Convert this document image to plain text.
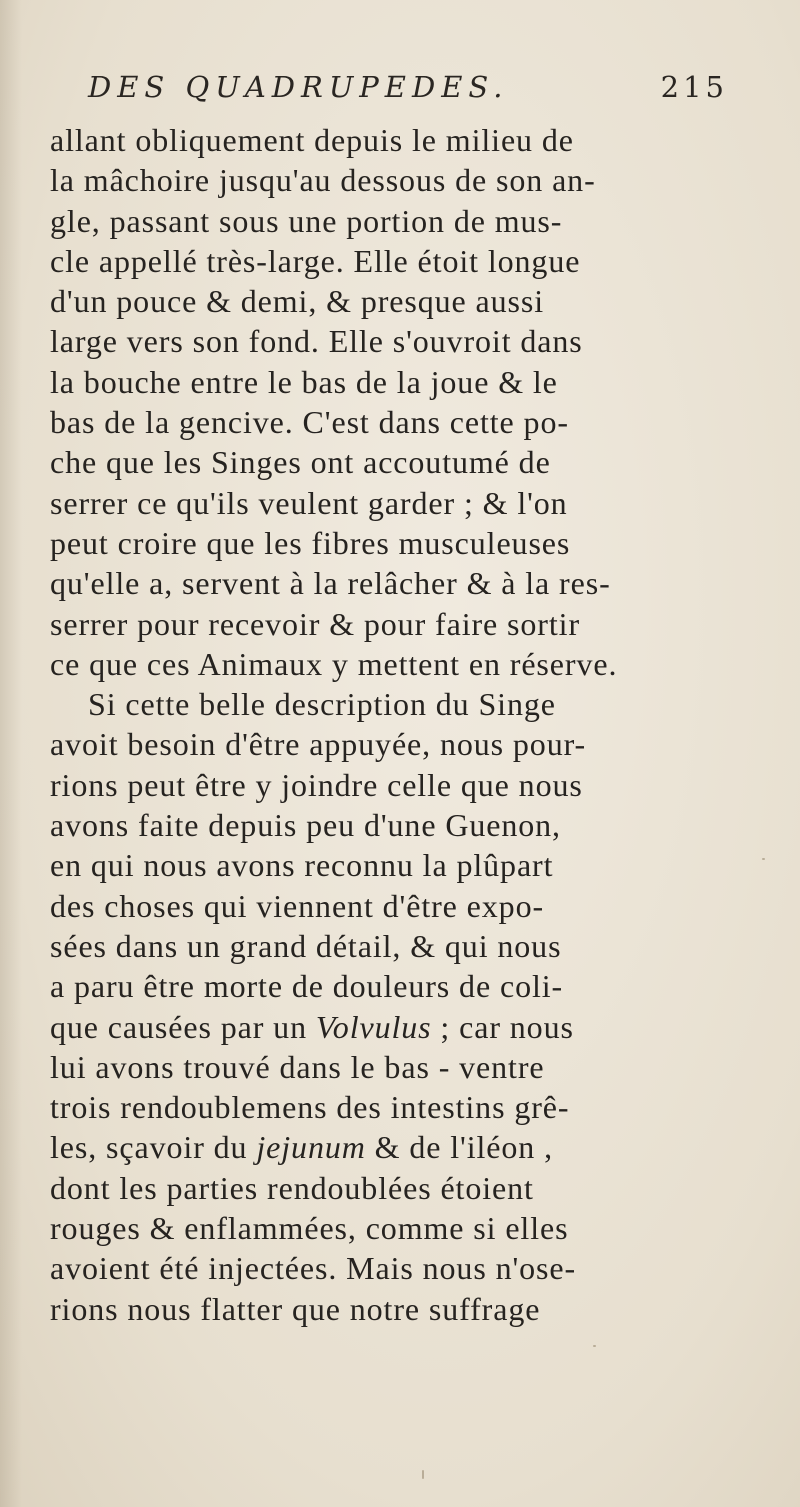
DES QUADRUPEDES.	215
allant obliquement depuis le milieu de
la mâchoire jusqu'au dessous de son an-
gle, passant sous une portion de mus-
cle appellé très-large. Elle étoit longue
d'un pouce & demi, & presque aussi
large vers son fond. Elle s'ouvroit dans
la bouche entre le bas de la joue & le
bas de la gencive. C'est dans cette po-
che que les Singes ont accoutumé de
serrer ce qu'ils veulent garder ; & l'on
peut croire que les fibres musculeuses
qu'elle a, servent à la relâcher & à la res-
serrer pour recevoir & pour faire sortir
ce que ces Animaux y mettent en réserve.
Si cette belle description du Singe
avoit besoin d'être appuyée, nous pour-
rions peut être y joindre celle que nous
avons faite depuis peu d'une Guenon,
en qui nous avons reconnu la plûpart
des choses qui viennent d'être expo-
sées dans un grand détail, & qui nous
a paru être morte de douleurs de coli-
que causées par un Volvulus ; car nous
lui avons trouvé dans le bas - ventre
trois rendoublemens des intestins grê-
les, sçavoir du jejunum & de l'iléon ,
dont les parties rendoublées étoient
rouges & enflammées, comme si elles
avoient été injectées. Mais nous n'ose-
rions nous flatter que notre suffrage
